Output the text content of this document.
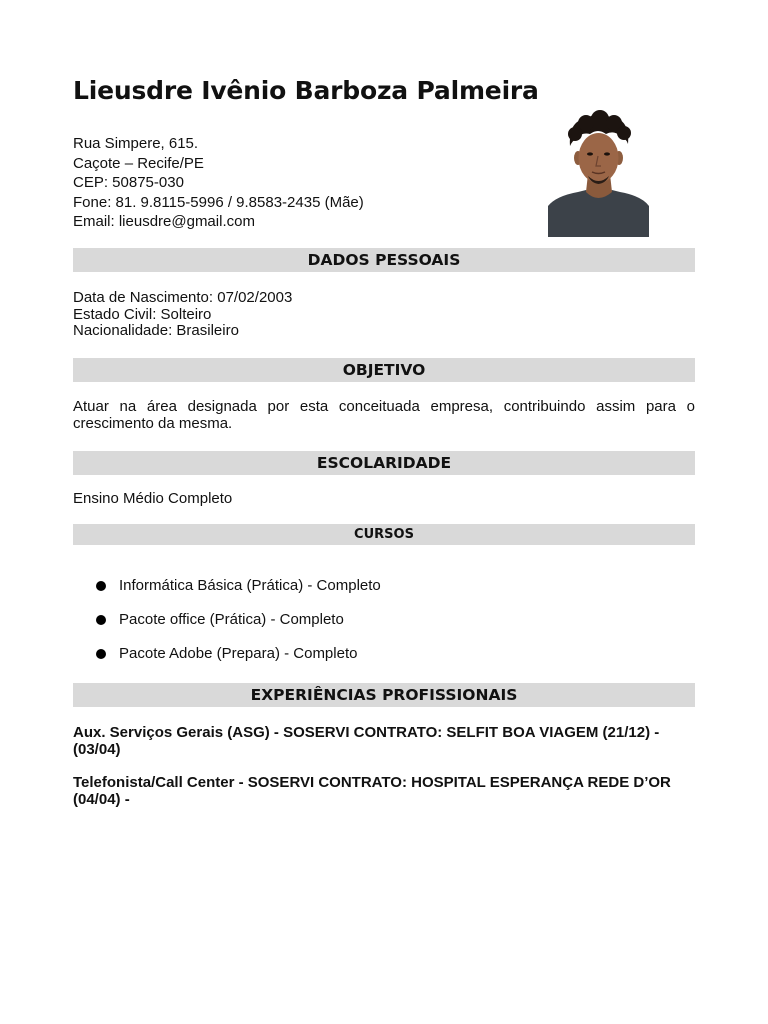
Lieusdre Ivênio Barboza Palmeira
Rua Simpere, 615.
Caçote – Recife/PE
CEP: 50875-030
Fone: 81. 9.8115-5996 / 9.8583-2435 (Mãe)
Email: lieusdre@gmail.com
DADOS PESSOAIS
Data de Nascimento: 07/02/2003
Estado Civil: Solteiro
Nacionalidade: Brasileiro
OBJETIVO
Atuar na área designada por esta conceituada empresa, contribuindo assim para o crescimento da mesma.
ESCOLARIDADE
Ensino Médio Completo
CURSOS
Informática Básica (Prática) - Completo
Pacote office (Prática) - Completo
Pacote Adobe (Prepara) - Completo
EXPERIÊNCIAS PROFISSIONAIS
Aux. Serviços Gerais (ASG) - SOSERVI CONTRATO: SELFIT BOA VIAGEM (21/12) - (03/04)
Telefonista/Call Center - SOSERVI CONTRATO: HOSPITAL ESPERANÇA REDE D’OR (04/04) -
